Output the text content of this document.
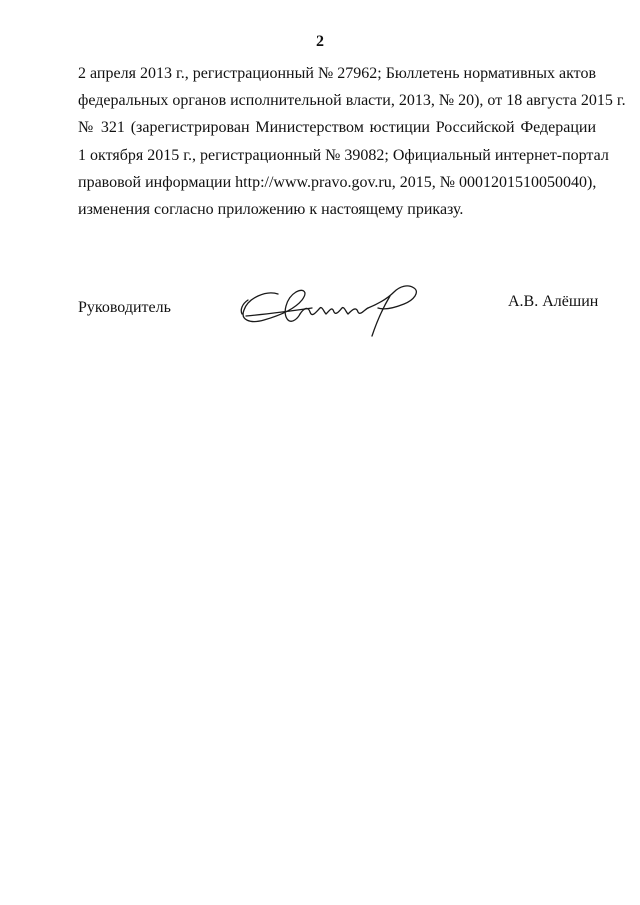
2
2 апреля 2013 г., регистрационный № 27962; Бюллетень нормативных актов
федеральных органов исполнительной власти, 2013, № 20), от 18 августа 2015 г.
№ 321 (зарегистрирован Министерством юстиции Российской Федерации
1 октября 2015 г., регистрационный № 39082; Официальный интернет-портал
правовой информации http://www.pravo.gov.ru, 2015, № 0001201510050040),
изменения согласно приложению к настоящему приказу.
Руководитель	А.В. Алёшин
